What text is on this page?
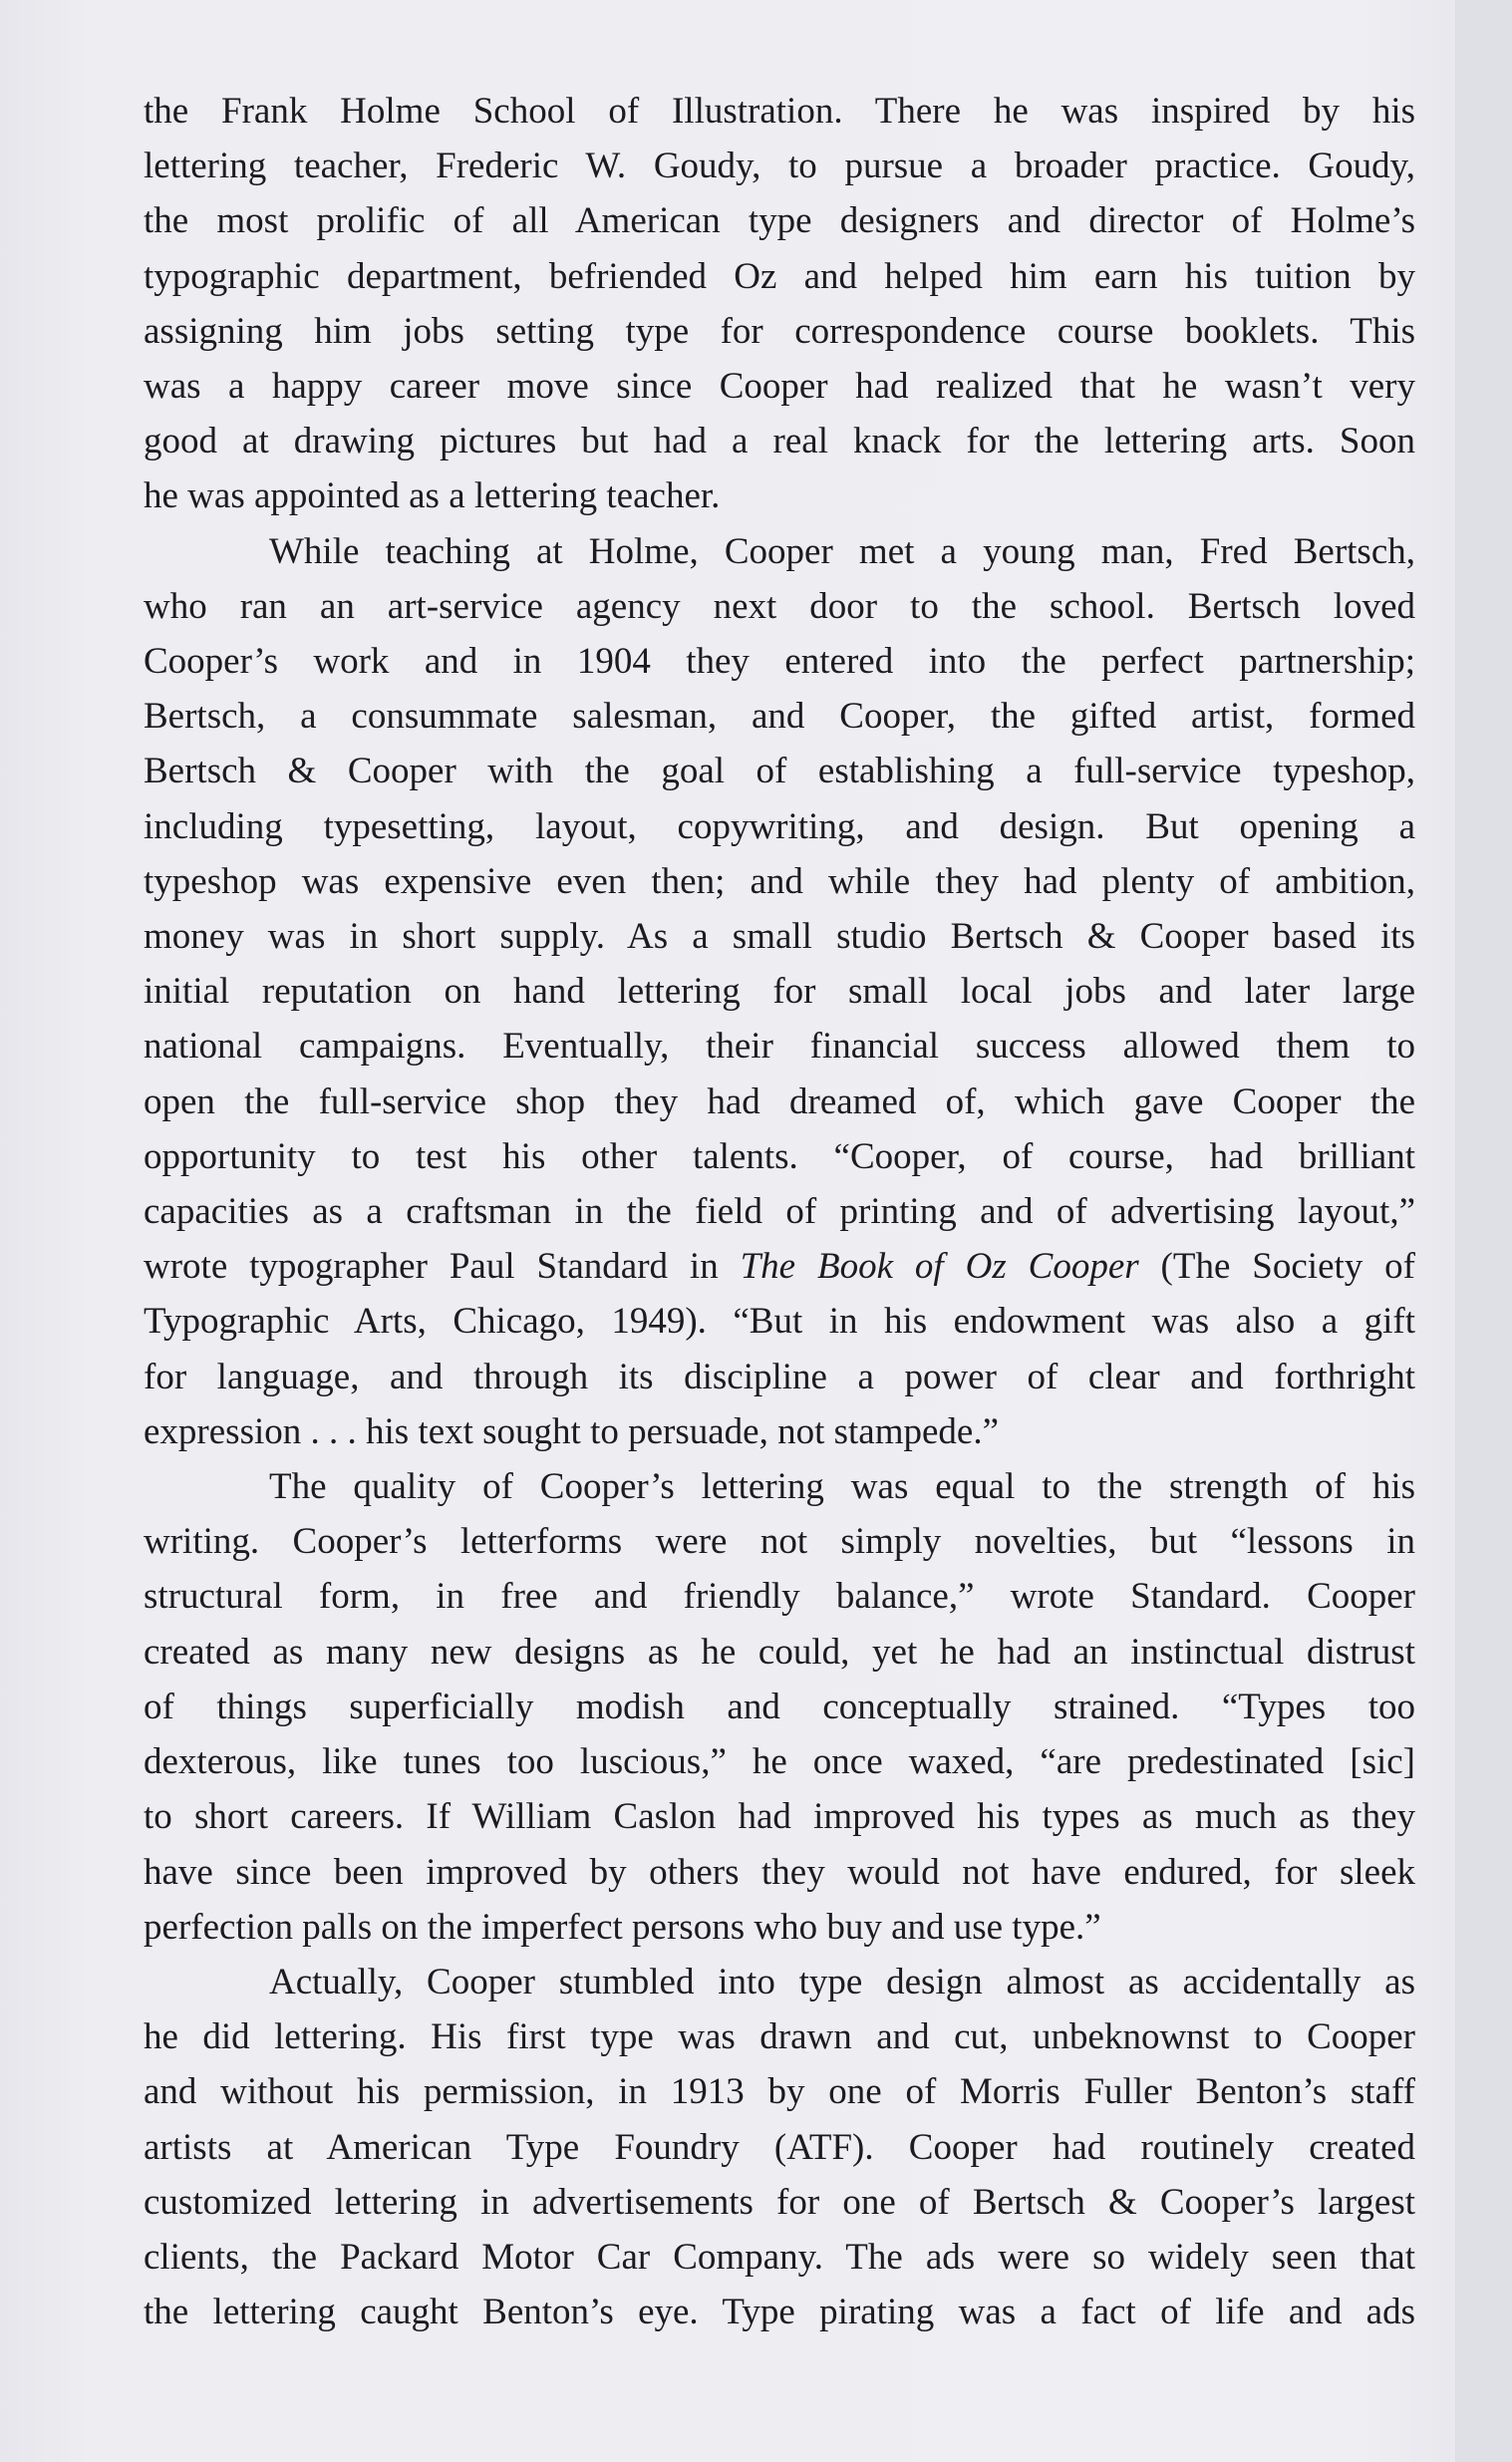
the Frank Holme School of Illustration. There he was inspired by his
lettering teacher, Frederic W. Goudy, to pursue a broader practice. Goudy,
the most prolific of all American type designers and director of Holme’s
typographic department, befriended Oz and helped him earn his tuition by
assigning him jobs setting type for correspondence course booklets. This
was a happy career move since Cooper had realized that he wasn’t very
good at drawing pictures but had a real knack for the lettering arts. Soon
he was appointed as a lettering teacher.
While teaching at Holme, Cooper met a young man, Fred Bertsch,
who ran an art-service agency next door to the school. Bertsch loved
Cooper’s work and in 1904 they entered into the perfect partnership;
Bertsch, a consummate salesman, and Cooper, the gifted artist, formed
Bertsch & Cooper with the goal of establishing a full-service typeshop,
including typesetting, layout, copywriting, and design. But opening a
typeshop was expensive even then; and while they had plenty of ambition,
money was in short supply. As a small studio Bertsch & Cooper based its
initial reputation on hand lettering for small local jobs and later large
national campaigns. Eventually, their financial success allowed them to
open the full-service shop they had dreamed of, which gave Cooper the
opportunity to test his other talents. “Cooper, of course, had brilliant
capacities as a craftsman in the field of printing and of advertising layout,”
wrote typographer Paul Standard in The Book of Oz Cooper (The Society of
Typographic Arts, Chicago, 1949). “But in his endowment was also a gift
for language, and through its discipline a power of clear and forthright
expression . . . his text sought to persuade, not stampede.”
The quality of Cooper’s lettering was equal to the strength of his
writing. Cooper’s letterforms were not simply novelties, but “lessons in
structural form, in free and friendly balance,” wrote Standard. Cooper
created as many new designs as he could, yet he had an instinctual distrust
of things superficially modish and conceptually strained. “Types too
dexterous, like tunes too luscious,” he once waxed, “are predestinated [sic]
to short careers. If William Caslon had improved his types as much as they
have since been improved by others they would not have endured, for sleek
perfection palls on the imperfect persons who buy and use type.”
Actually, Cooper stumbled into type design almost as accidentally as
he did lettering. His first type was drawn and cut, unbeknownst to Cooper
and without his permission, in 1913 by one of Morris Fuller Benton’s staff
artists at American Type Foundry (ATF). Cooper had routinely created
customized lettering in advertisements for one of Bertsch & Cooper’s largest
clients, the Packard Motor Car Company. The ads were so widely seen that
the lettering caught Benton’s eye. Type pirating was a fact of life and ads
